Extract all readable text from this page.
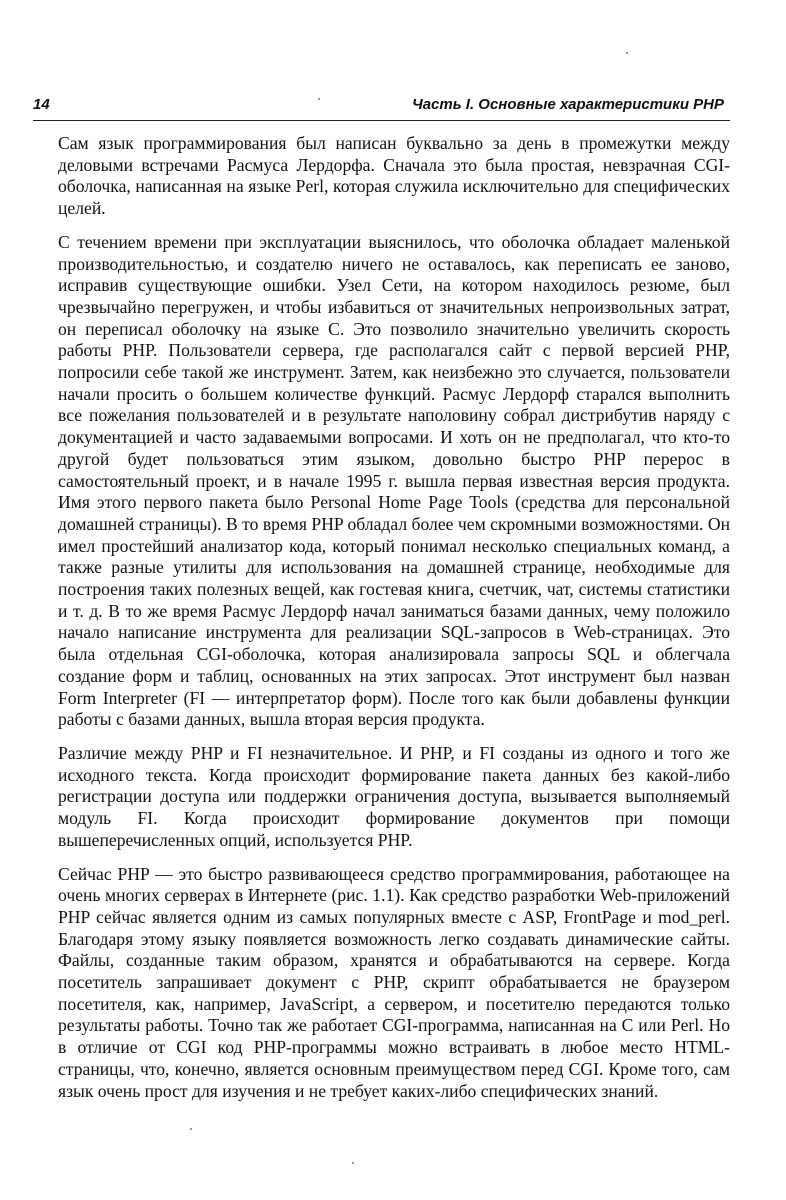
14	Часть I. Основные характеристики PHP

Сам язык программирования был написан буквально за день в промежутки между деловыми встречами Расмуса Лердорфа. Сначала это была простая, невзрачная CGI-оболочка, написанная на языке Perl, которая служила исключительно для специфических целей.

С течением времени при эксплуатации выяснилось, что оболочка обладает маленькой производительностью, и создателю ничего не оставалось, как переписать ее заново, исправив существующие ошибки. Узел Сети, на котором находилось резюме, был чрезвычайно перегружен, и чтобы избавиться от значительных непроизвольных затрат, он переписал оболочку на языке С. Это позволило значительно увеличить скорость работы PHP. Пользователи сервера, где располагался сайт с первой версией PHP, попросили себе такой же инструмент. Затем, как неизбежно это случается, пользователи начали просить о большем количестве функций. Расмус Лердорф старался выполнить все пожелания пользователей и в результате наполовину собрал дистрибутив наряду с документацией и часто задаваемыми вопросами. И хоть он не предполагал, что кто-то другой будет пользоваться этим языком, довольно быстро PHP перерос в самостоятельный проект, и в начале 1995 г. вышла первая известная версия продукта. Имя этого первого пакета было Personal Home Page Tools (средства для персональной домашней страницы). В то время PHP обладал более чем скромными возможностями. Он имел простейший анализатор кода, который понимал несколько специальных команд, а также разные утилиты для использования на домашней странице, необходимые для построения таких полезных вещей, как гостевая книга, счетчик, чат, системы статистики и т. д. В то же время Расмус Лердорф начал заниматься базами данных, чему положило начало написание инструмента для реализации SQL-запросов в Web-страницах. Это была отдельная CGI-оболочка, которая анализировала запросы SQL и облегчала создание форм и таблиц, основанных на этих запросах. Этот инструмент был назван Form Interpreter (FI — интерпретатор форм). После того как были добавлены функции работы с базами данных, вышла вторая версия продукта.

Различие между PHP и FI незначительное. И PHP, и FI созданы из одного и того же исходного текста. Когда происходит формирование пакета данных без какой-либо регистрации доступа или поддержки ограничения доступа, вызывается выполняемый модуль FI. Когда происходит формирование документов при помощи вышеперечисленных опций, используется PHP.

Сейчас PHP — это быстро развивающееся средство программирования, работающее на очень многих серверах в Интернете (рис. 1.1). Как средство разработки Web-приложений PHP сейчас является одним из самых популярных вместе с ASP, FrontPage и mod_perl. Благодаря этому языку появляется возможность легко создавать динамические сайты. Файлы, созданные таким образом, хранятся и обрабатываются на сервере. Когда посетитель запрашивает документ с PHP, скрипт обрабатывается не браузером посетителя, как, например, JavaScript, а сервером, и посетителю передаются только результаты работы. Точно так же работает CGI-программа, написанная на С или Perl. Но в отличие от CGI код PHP-программы можно встраивать в любое место HTML-страницы, что, конечно, является основным преимуществом перед CGI. Кроме того, сам язык очень прост для изучения и не требует каких-либо специфических знаний.
